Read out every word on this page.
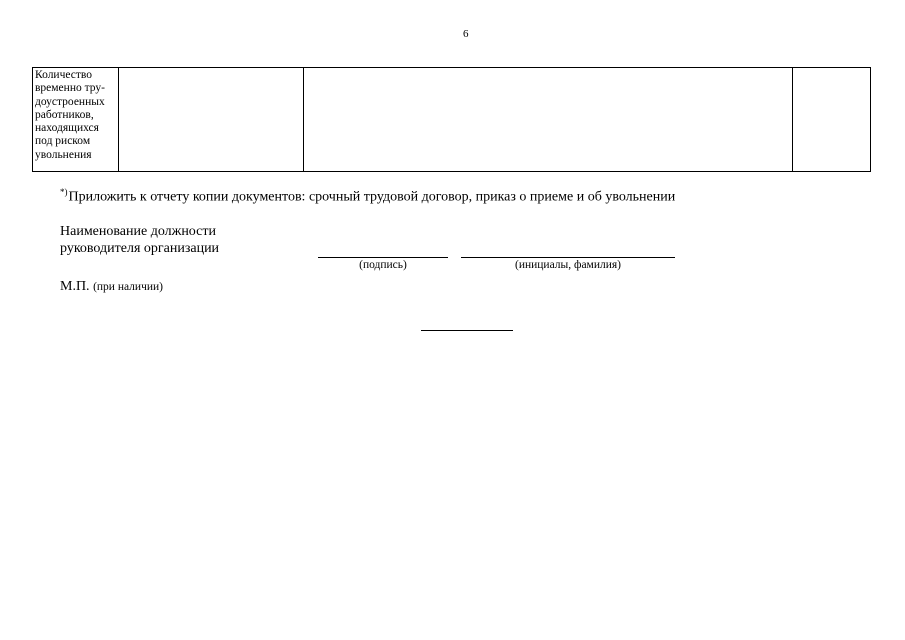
6
Количество
временно тру-
доустроенных
работников,
находящихся
под риском
увольнения

*)Приложить к отчету копии документов: срочный трудовой договор, приказ о приеме и об увольнении
Наименование должности
руководителя организации
(подпись)	(инициалы, фамилия)
М.П. (при наличии)
